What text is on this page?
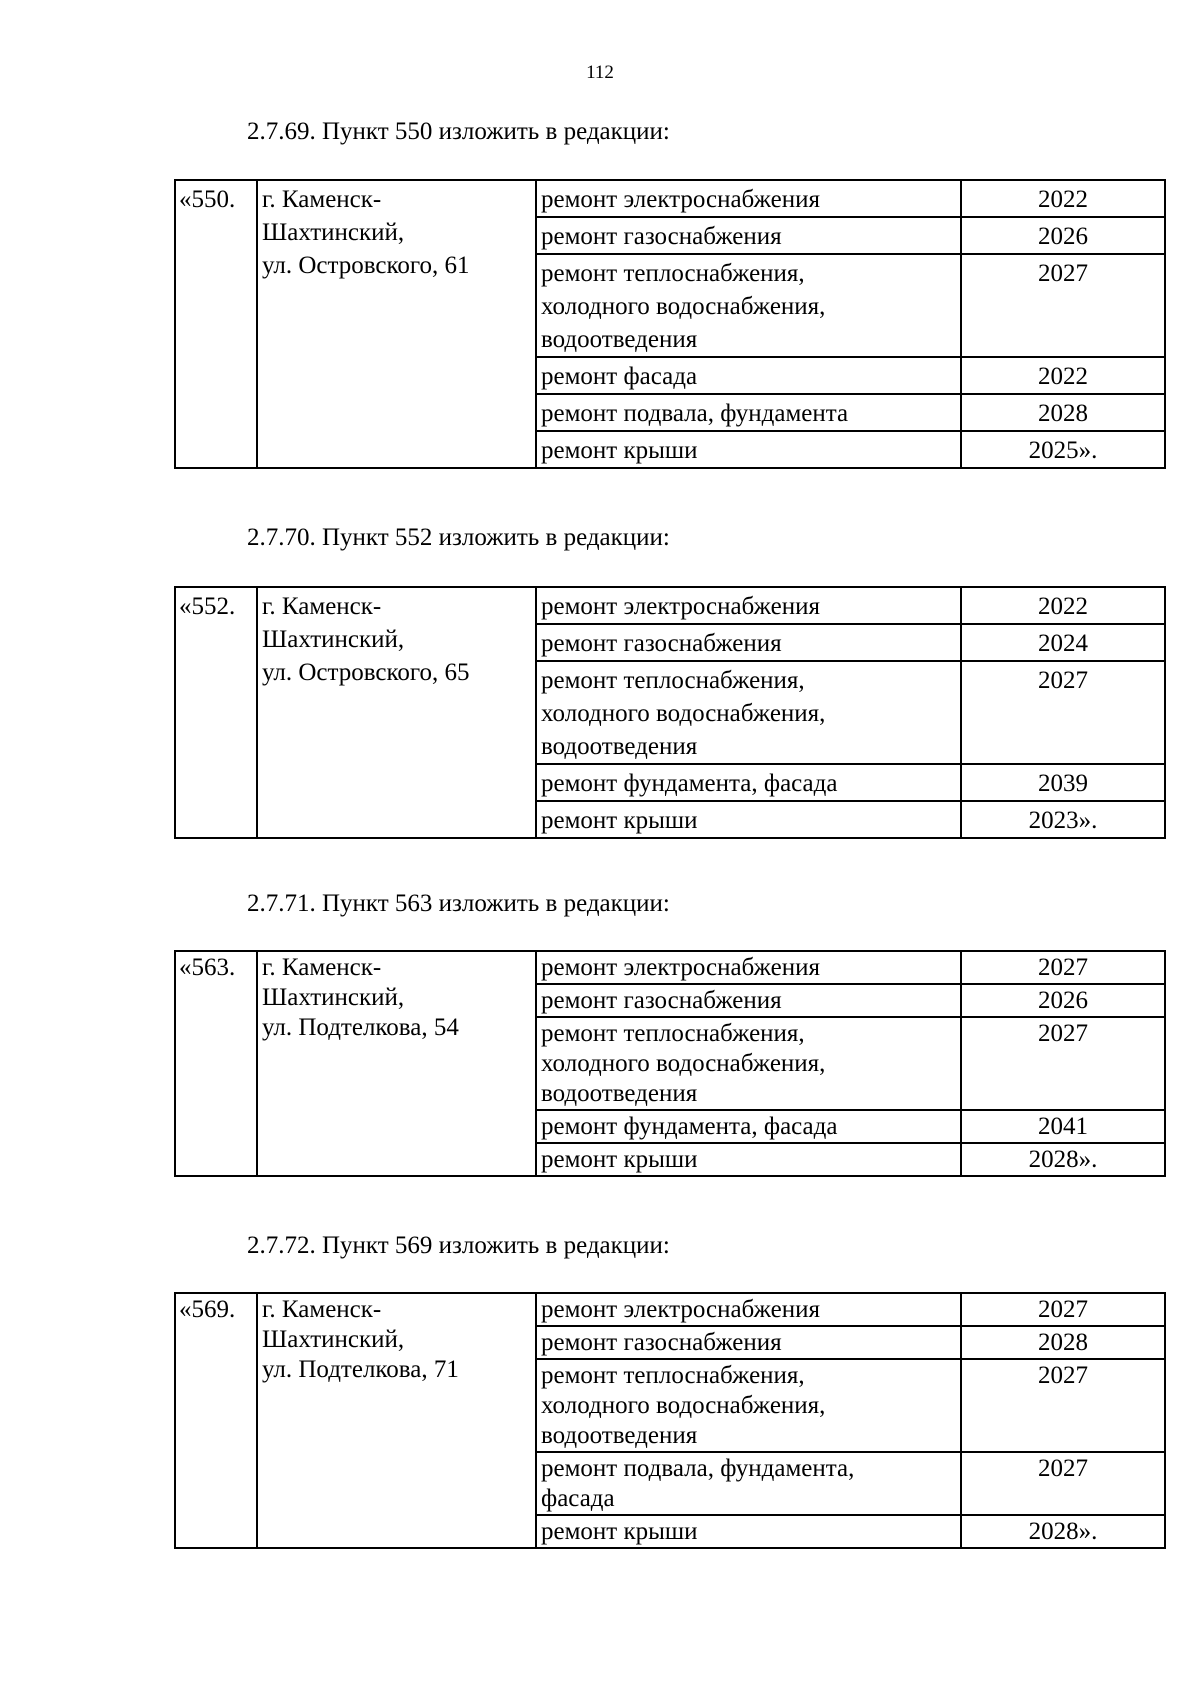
112
2.7.69. Пункт 550 изложить в редакции:
«550.	г. Каменск-
Шахтинский,
ул. Островского, 61	ремонт электроснабжения	2022

		ремонт газоснабжения	2026

		ремонт теплоснабжения,
холодного водоснабжения,
водоотведения	2027

		ремонт фасада	2022

		ремонт подвала, фундамента	2028

		ремонт крыши	2025».
2.7.70. Пункт 552 изложить в редакции:
«552.	г. Каменск-
Шахтинский,
ул. Островского, 65	ремонт электроснабжения	2022

		ремонт газоснабжения	2024

		ремонт теплоснабжения,
холодного водоснабжения,
водоотведения	2027

		ремонт фундамента, фасада	2039

		ремонт крыши	2023».
2.7.71. Пункт 563 изложить в редакции:
«563.	г. Каменск-
Шахтинский,
ул. Подтелкова, 54	ремонт электроснабжения	2027

		ремонт газоснабжения	2026

		ремонт теплоснабжения,
холодного водоснабжения,
водоотведения	2027

		ремонт фундамента, фасада	2041

		ремонт крыши	2028».
2.7.72. Пункт 569 изложить в редакции:
«569.	г. Каменск-
Шахтинский,
ул. Подтелкова, 71	ремонт электроснабжения	2027

		ремонт газоснабжения	2028

		ремонт теплоснабжения,
холодного водоснабжения,
водоотведения	2027

		ремонт подвала, фундамента,
фасада	2027

		ремонт крыши	2028».
